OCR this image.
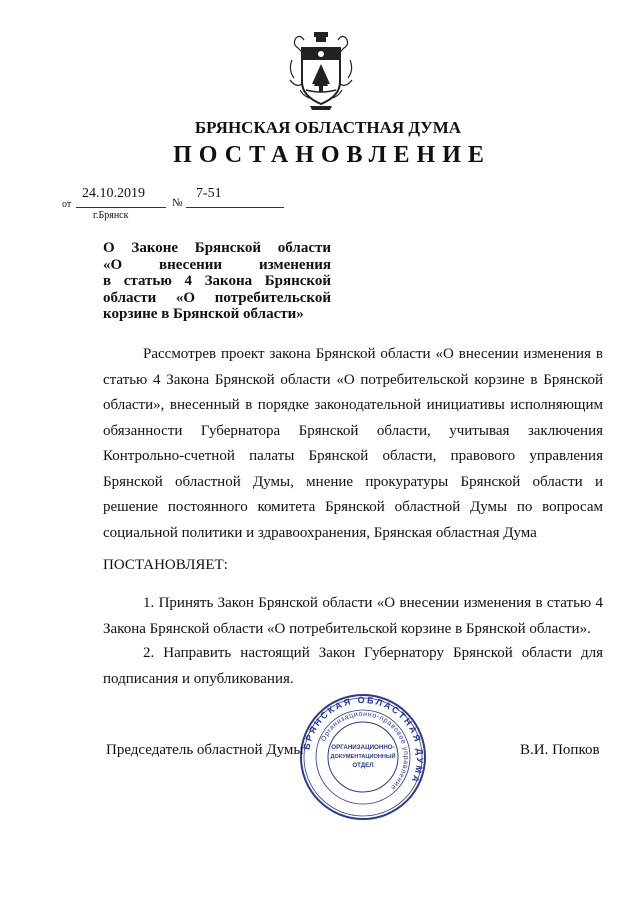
БРЯНСКАЯ ОБЛАСТНАЯ ДУМА
ПОСТАНОВЛЕНИЕ
от
24.10.2019
№
7-51
г.Брянск
О Законе Брянской области
«О внесении изменения
в статью 4 Закона Брянской
области «О потребительской
корзине в Брянской области»
Рассмотрев проект закона Брянской области «О внесении изменения в
статью 4 Закона Брянской области «О потребительской корзине в Брянской
области», внесенный в порядке законодательной инициативы исполняющим
обязанности Губернатора Брянской области, учитывая заключения
Контрольно-счетной палаты Брянской области, правового управления
Брянской областной Думы, мнение прокуратуры Брянской области и
решение постоянного комитета Брянской областной Думы по вопросам
социальной политики и здравоохранения, Брянская областная Дума
ПОСТАНОВЛЯЕТ:
1. Принять Закон Брянской области «О внесении изменения в статью 4
Закона Брянской области «О потребительской корзине в Брянской области».
2. Направить настоящий Закон Губернатору Брянской области для
подписания и опубликования.
БРЯНСКАЯ ОБЛАСТНАЯ ДУМА
Организационно-правовое управление
ОРГАНИЗАЦИОННО-
ДОКУМЕНТАЦИОННЫЙ
ОТДЕЛ
Председатель областной Думы	В.И. Попков
